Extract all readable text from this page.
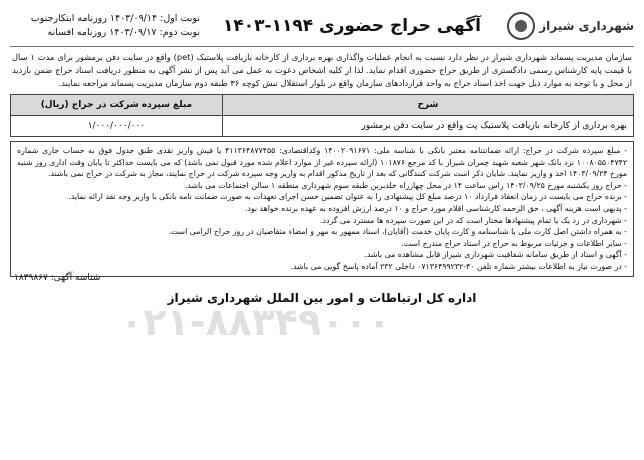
شهرداری شیراز
آگهی حراج حضوری ۱۱۹۴-۱۴۰۳
نوبت اول: ۱۴۰۳/۰۹/۱۴ روزنامه ابتکارجنوب
نوبت دوم: ۱۴۰۳/۰۹/۱۷ روزنامه افسانه
سازمان مدیریت پسماند شهرداری شیراز در نظر دارد نسبت به انجام عملیات واگذاری بهره برداری از کارخانه بازیافت پلاستیک (pet) واقع در سایت دفن برمشور برای مدت ۱ سال با قیمت پایه کارشناس رسمی دادگستری از طریق حراج حضوری اقدام نماید. لذا از کلیه اشخاص دعوت به عمل می آید پس از نشر آگهی به منظور دریافت اسناد حراج ضمن بازدید از محل و با توجه به موارد ذیل جهت اخذ اسناد حراج به واحد قراردادهای سازمان واقع در بلوار استقلال نبش کوچه ۳۶ طبقه دوم سازمان مدیریت پسماند مراجعه نمایند.
شرح	مبلغ سپرده شرکت در حراج (ریال)
بهره برداری از کارخانه بازیافت پلاستیک پت واقع در سایت دفن برمشور	۱/۰۰۰/۰۰۰/۰۰۰

- مبلغ سپرده شرکت در حراج: ارائه ضمانتنامه معتبر بانکی با شناسه ملی: ۱۴۰۰۲۰۹۱۶۷۱ وکداقتصادی: ۴۱۱۳۶۴۸۷۷۴۵۵ یا فیش واریز نقدی طبق جدول فوق به حساب جاری شماره ۱۰۰۸۰۵۵۰۴۷۴۲ نزد بانک شهر شعبه شهید چمران شیراز با کد مرجع ۱۰۱۸۷۶ (ارائه سپرده غیر از موارد اعلام شده مورد قبول نمی باشد) که می بایست حداکثر تا پایان وقت اداری روز شنبه مورخ ۱۴۰۳/۰۹/۲۴ اخذ و واریز نمایند. شایان ذکر است شرکت کنندگانی که بعد از تاریخ مذکور اقدام به واریز وجه سپرده شرکت در حراج نمایند، مجاز به شرکت در حراج نمی باشند.

- حراج روز یکشنبه مورخ ۱۴۰۳/۰۹/۲۵ راس ساعت ۱۴ در محل چهارراه خلدبرین طبقه سوم شهرداری منطقه ۱ سالن اجتماعات می باشد.

- برنده حراج می بایست در زمان انعقاد قرارداد ۱۰ درصد مبلغ کل پیشنهادی را به عنوان تضمین حسن اجرای تعهدات به صورت ضمانت نامه بانکی یا واریز وجه نقد ارائه نماید.

- پدیهی است هزینه آگهی ، حق الزحمه کارشناسی اقلام مورد حراج و ۱۰ درصد ارزش افزوده به عهده برنده خواهد بود.

- شهرداری در رد یک یا تمام پیشنهادها مختار است که در این صورت سپرده ها مسترد می گردد.

- به همراه داشتن اصل کارت ملی یا شناسنامه و کارت پایان خدمت (آقایان)، اسناد ممهور به مهر و امضاء متقاضیان در روز حراج الزامی است.

- سایر اطلاعات و جزئیات مربوط به حراج در اسناد حراج مندرج است.

- آگهی و اسناد از طریق سامانه شفافیت شهرداری شیراز قابل مشاهده می باشد.

- در صورت نیاز به اطلاعات بیشتر شماره تلفن ۴۰-۰۷۱۳۶۴۹۹۲۳۲ داخلی ۲۳۲ آماده پاسخ گویی می باشد.

۰۲۱-۸۸۳۴۹۰۰۰
شناسه آگهی: ۱۸۳۹۸۶۷
اداره کل ارتباطات و امور بین الملل شهرداری شیراز
